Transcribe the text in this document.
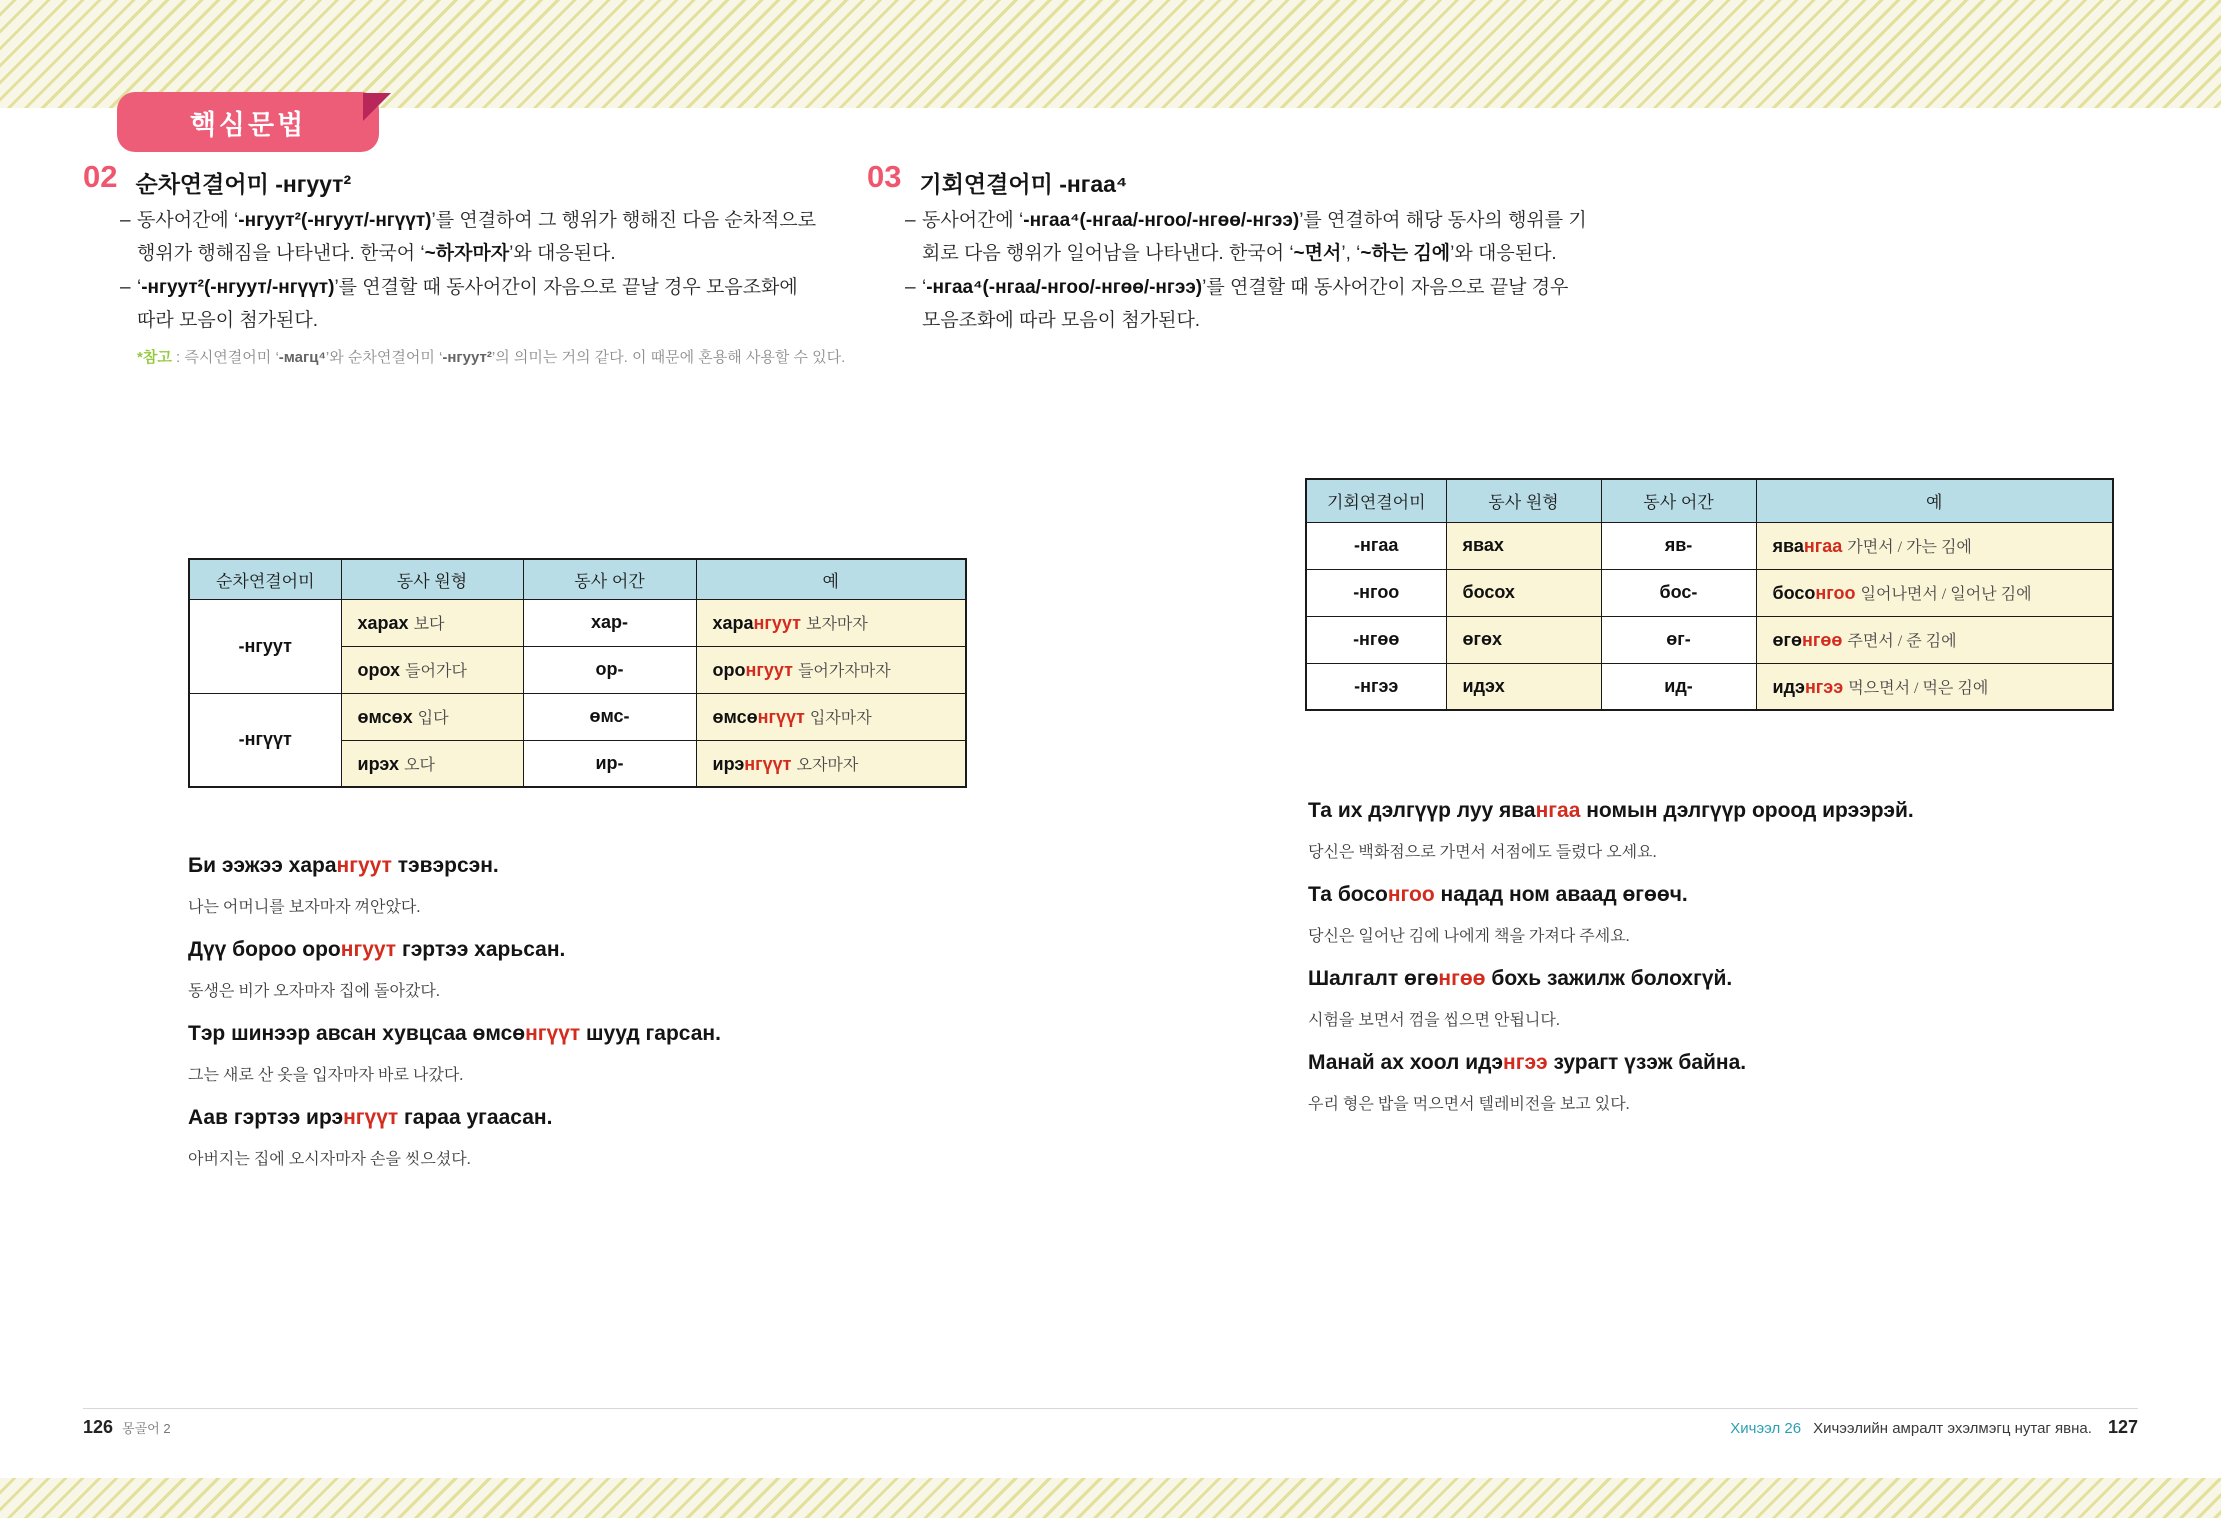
핵심문법
02 순차연결어미 -нгуут²
– 동사어간에 ‘-нгуут²(-нгуут/-нгүүт)’를 연결하여 그 행위가 행해진 다음 순차적으로
행위가 행해짐을 나타낸다. 한국어 ‘~하자마자’와 대응된다.
– ‘-нгуут²(-нгуут/-нгүүт)’를 연결할 때 동사어간이 자음으로 끝날 경우 모음조화에
따라 모음이 첨가된다.
*참고 : 즉시연결어미 ‘-магц⁴’와 순차연결어미 ‘-нгуут²’의 의미는 거의 같다. 이 때문에 혼용해 사용할 수 있다.
순차연결어미	동사 원형	동사 어간	예
-нгуут	харах 보다	хар-	харангуут 보자마자
	орох 들어가다	ор-	оронгуут 들어가자마자
-нгүүт	өмсөх 입다	өмс-	өмсөнгүүт 입자마자
	ирэх 오다	ир-	ирэнгүүт 오자마자
Би ээжээ харангуут тэвэрсэн.
나는 어머니를 보자마자 껴안았다.
Дүү бороо оронгуут гэртээ харьсан.
동생은 비가 오자마자 집에 돌아갔다.
Тэр шинээр авсан хувцсаа өмсөнгүүт шууд гарсан.
그는 새로 산 옷을 입자마자 바로 나갔다.
Аав гэртээ ирэнгүүт гараа угаасан.
아버지는 집에 오시자마자 손을 씻으셨다.
03 기회연결어미 -нгаа⁴
– 동사어간에 ‘-нгаа⁴(-нгаа/-нгоо/-нгөө/-нгээ)’를 연결하여 해당 동사의 행위를 기
회로 다음 행위가 일어남을 나타낸다. 한국어 ‘~면서’, ‘~하는 김에’와 대응된다.
– ‘-нгаа⁴(-нгаа/-нгоо/-нгөө/-нгээ)’를 연결할 때 동사어간이 자음으로 끝날 경우
모음조화에 따라 모음이 첨가된다.
기회연결어미	동사 원형	동사 어간	예
-нгаа	явах	яв-	явангаа 가면서 / 가는 김에
-нгоо	босох	бос-	босонгоо 일어나면서 / 일어난 김에
-нгөө	өгөх	өг-	өгөнгөө 주면서 / 준 김에
-нгээ	идэх	ид-	идэнгээ 먹으면서 / 먹은 김에
Та их дэлгүүр луу явангаа номын дэлгүүр ороод ирээрэй.
당신은 백화점으로 가면서 서점에도 들렸다 오세요.
Та босонгоо надад ном аваад өгөөч.
당신은 일어난 김에 나에게 책을 가져다 주세요.
Шалгалт өгөнгөө бохь зажилж болохгүй.
시험을 보면서 껌을 씹으면 안됩니다.
Манай ах хоол идэнгээ зурагт үзэж байна.
우리 형은 밥을 먹으면서 텔레비전을 보고 있다.
126 몽골어 2	Хичээл 26 Хичээлийн амралт эхэлмэгц нутаг явна. 127
